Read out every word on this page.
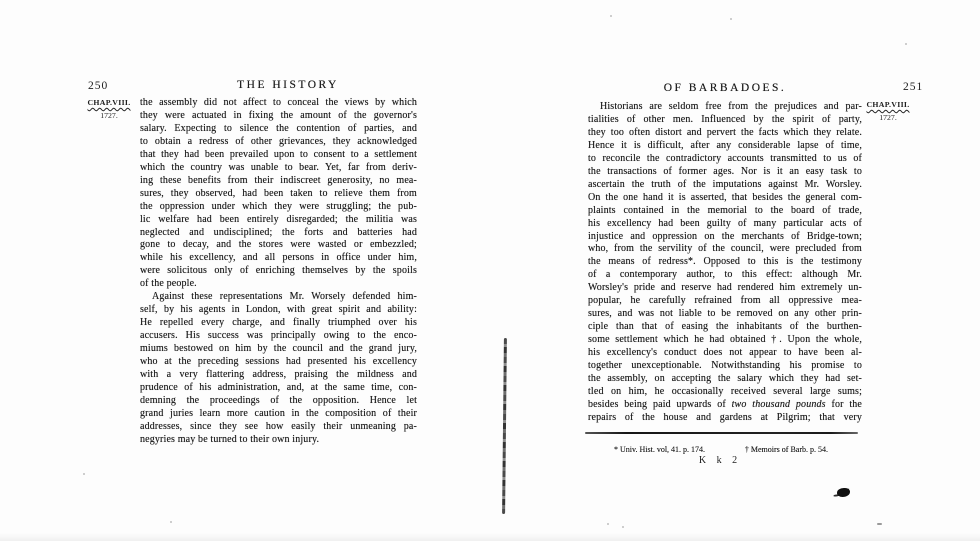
250	THE HISTORY
CHAP.VIII.
1727.
the assembly did not affect to conceal the views by which
they were actuated in fixing the amount of the governor's
salary. Expecting to silence the contention of parties, and
to obtain a redress of other grievances, they acknowledged
that they had been prevailed upon to consent to a settlement
which the country was unable to bear. Yet, far from deriv-
ing these benefits from their indiscreet generosity, no mea-
sures, they observed, had been taken to relieve them from
the oppression under which they were struggling; the pub-
lic welfare had been entirely disregarded; the militia was
neglected and undisciplined; the forts and batteries had
gone to decay, and the stores were wasted or embezzled;
while his excellency, and all persons in office under him,
were solicitous only of enriching themselves by the spoils
of the people.
Against these representations Mr. Worsely defended him-
self, by his agents in London, with great spirit and ability:
He repelled every charge, and finally triumphed over his
accusers. His success was principally owing to the enco-
miums bestowed on him by the council and the grand jury,
who at the preceding sessions had presented his excellency
with a very flattering address, praising the mildness and
prudence of his administration, and, at the same time, con-
demning the proceedings of the opposition. Hence let
grand juries learn more caution in the composition of their
addresses, since they see how easily their unmeaning pa-
negyries may be turned to their own injury.
OF BARBADOES.	251
CHAP.VIII.
1727.
Historians are seldom free from the prejudices and par-
tialities of other men. Influenced by the spirit of party,
they too often distort and pervert the facts which they relate.
Hence it is difficult, after any considerable lapse of time,
to reconcile the contradictory accounts transmitted to us of
the transactions of former ages. Nor is it an easy task to
ascertain the truth of the imputations against Mr. Worsley.
On the one hand it is asserted, that besides the general com-
plaints contained in the memorial to the board of trade,
his excellency had been guilty of many particular acts of
injustice and oppression on the merchants of Bridge-town;
who, from the servility of the council, were precluded from
the means of redress*. Opposed to this is the testimony
of a contemporary author, to this effect: although Mr.
Worsley's pride and reserve had rendered him extremely un-
popular, he carefully refrained from all oppressive mea-
sures, and was not liable to be removed on any other prin-
ciple than that of easing the inhabitants of the burthen-
some settlement which he had obtained †. Upon the whole,
his excellency's conduct does not appear to have been al-
together unexceptionable. Notwithstanding his promise to
the assembly, on accepting the salary which they had set-
tled on him, he occasionally received several large sums;
besides being paid upwards of two thousand pounds for the
repairs of the house and gardens at Pilgrim; that very
* Univ. Hist. vol, 41. p. 174.	† Memoirs of Barb. p. 54.
K k 2
